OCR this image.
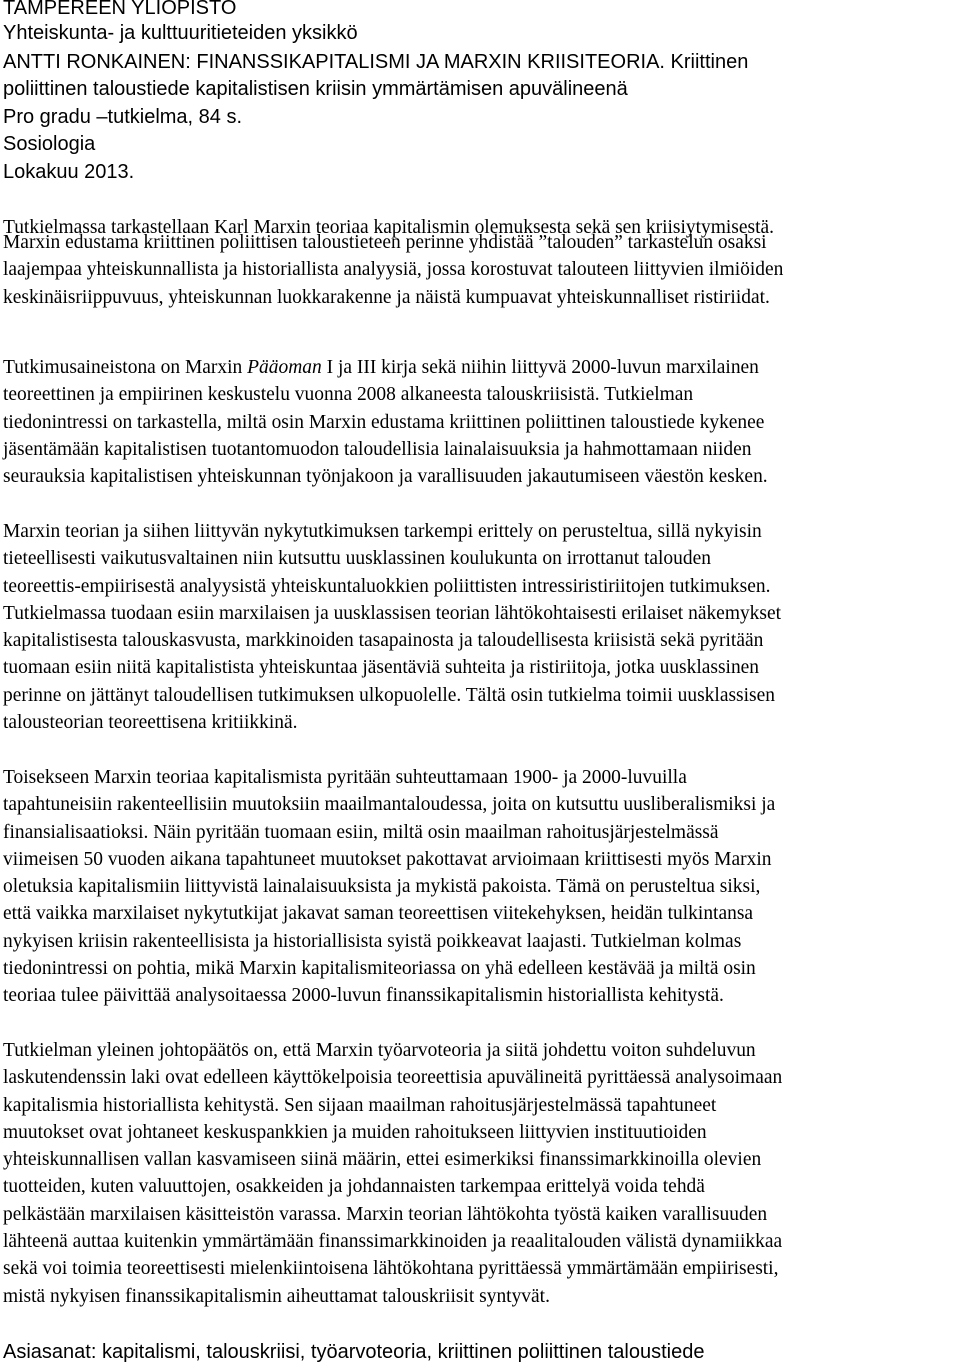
TAMPEREEN YLIOPISTO
Yhteiskunta- ja kulttuuritieteiden yksikkö
ANTTI RONKAINEN: FINANSSIKAPITALISMI JA MARXIN KRIISITEORIA. Kriittinen
poliittinen taloustiede kapitalistisen kriisin ymmärtämisen apuvälineenä
Pro gradu –tutkielma, 84 s.
Sosiologia
Lokakuu 2013.
Tutkielmassa tarkastellaan Karl Marxin teoriaa kapitalismin olemuksesta sekä sen kriisiytymisestä.
Marxin edustama kriittinen poliittisen taloustieteen perinne yhdistää ”talouden” tarkastelun osaksi
laajempaa yhteiskunnallista ja historiallista analyysiä, jossa korostuvat talouteen liittyvien ilmiöiden
keskinäisriippuvuus, yhteiskunnan luokkarakenne ja näistä kumpuavat yhteiskunnalliset ristiriidat.
Tutkimusaineistona on Marxin Pääoman I ja III kirja sekä niihin liittyvä 2000-luvun marxilainen
teoreettinen ja empiirinen keskustelu vuonna 2008 alkaneesta talouskriisistä. Tutkielman
tiedonintressi on tarkastella, miltä osin Marxin edustama kriittinen poliittinen taloustiede kykenee
jäsentämään kapitalistisen tuotantomuodon taloudellisia lainalaisuuksia ja hahmottamaan niiden
seurauksia kapitalistisen yhteiskunnan työnjakoon ja varallisuuden jakautumiseen väestön kesken.
Marxin teorian ja siihen liittyvän nykytutkimuksen tarkempi erittely on perusteltua, sillä nykyisin
tieteellisesti vaikutusvaltainen niin kutsuttu uusklassinen koulukunta on irrottanut talouden
teoreettis-empiirisestä analyysistä yhteiskuntaluokkien poliittisten intressiristiriitojen tutkimuksen.
Tutkielmassa tuodaan esiin marxilaisen ja uusklassisen teorian lähtökohtaisesti erilaiset näkemykset
kapitalistisesta talouskasvusta, markkinoiden tasapainosta ja taloudellisesta kriisistä sekä pyritään
tuomaan esiin niitä kapitalistista yhteiskuntaa jäsentäviä suhteita ja ristiriitoja, jotka uusklassinen
perinne on jättänyt taloudellisen tutkimuksen ulkopuolelle. Tältä osin tutkielma toimii uusklassisen
talousteorian teoreettisena kritiikkinä.
Toisekseen Marxin teoriaa kapitalismista pyritään suhteuttamaan 1900- ja 2000-luvuilla
tapahtuneisiin rakenteellisiin muutoksiin maailmantaloudessa, joita on kutsuttu uusliberalismiksi ja
finansialisaatioksi. Näin pyritään tuomaan esiin, miltä osin maailman rahoitusjärjestelmässä
viimeisen 50 vuoden aikana tapahtuneet muutokset pakottavat arvioimaan kriittisesti myös Marxin
oletuksia kapitalismiin liittyvistä lainalaisuuksista ja mykistä pakoista. Tämä on perusteltua siksi,
että vaikka marxilaiset nykytutkijat jakavat saman teoreettisen viitekehyksen, heidän tulkintansa
nykyisen kriisin rakenteellisista ja historiallisista syistä poikkeavat laajasti. Tutkielman kolmas
tiedonintressi on pohtia, mikä Marxin kapitalismiteoriassa on yhä edelleen kestävää ja miltä osin
teoriaa tulee päivittää analysoitaessa 2000-luvun finanssikapitalismin historiallista kehitystä.
Tutkielman yleinen johtopäätös on, että Marxin työarvoteoria ja siitä johdettu voiton suhdeluvun
laskutendenssin laki ovat edelleen käyttökelpoisia teoreettisia apuvälineitä pyrittäessä analysoimaan
kapitalismia historiallista kehitystä. Sen sijaan maailman rahoitusjärjestelmässä tapahtuneet
muutokset ovat johtaneet keskuspankkien ja muiden rahoitukseen liittyvien instituutioiden
yhteiskunnallisen vallan kasvamiseen siinä määrin, ettei esimerkiksi finanssimarkkinoilla olevien
tuotteiden, kuten valuuttojen, osakkeiden ja johdannaisten tarkempaa erittelyä voida tehdä
pelkästään marxilaisen käsitteistön varassa. Marxin teorian lähtökohta työstä kaiken varallisuuden
lähteenä auttaa kuitenkin ymmärtämään finanssimarkkinoiden ja reaalitalouden välistä dynamiikkaa
sekä voi toimia teoreettisesti mielenkiintoisena lähtökohtana pyrittäessä ymmärtämään empiirisesti,
mistä nykyisen finanssikapitalismin aiheuttamat talouskriisit syntyvät.
Asiasanat: kapitalismi, talouskriisi, työarvoteoria, kriittinen poliittinen taloustiede
